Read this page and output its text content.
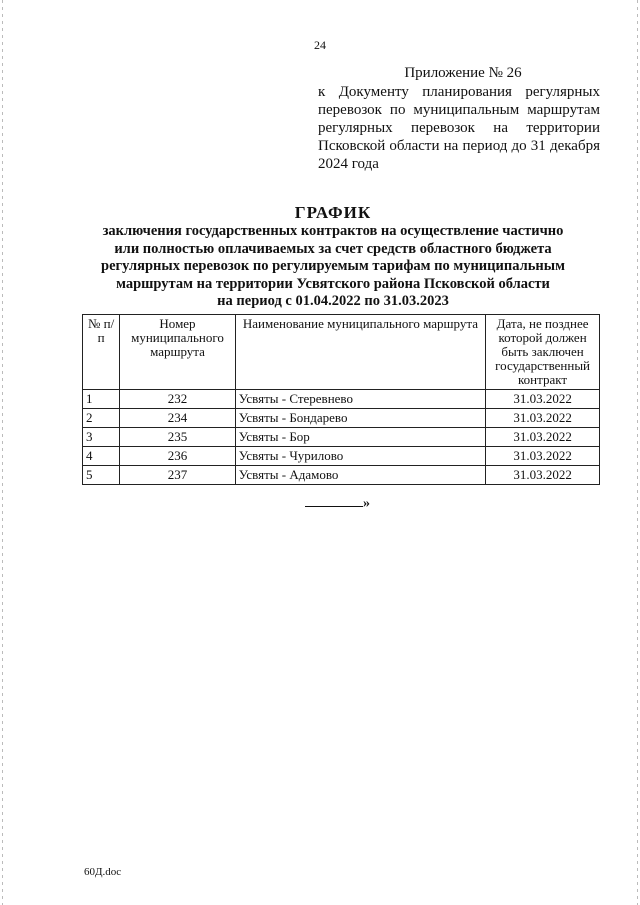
24
Приложение № 26
к Документу планирования регулярных перевозок по муниципальным маршрутам регулярных перевозок на территории Псковской области на период до 31 декабря 2024 года
ГРАФИК
заключения государственных контрактов на осуществление частично
или полностью оплачиваемых за счет средств областного бюджета
регулярных перевозок по регулируемым тарифам по муниципальным
маршрутам на территории Усвятского района Псковской области
на период с 01.04.2022 по 31.03.2023
№ п/п	Номер муниципального маршрута	Наименование муниципального маршрута	Дата, не позднее которой должен быть заключен государственный контракт
1	232	Усвяты - Стеревнево	31.03.2022
2	234	Усвяты - Бондарево	31.03.2022
3	235	Усвяты - Бор	31.03.2022
4	236	Усвяты - Чурилово	31.03.2022
5	237	Усвяты - Адамово	31.03.2022
»
60Д.doc
